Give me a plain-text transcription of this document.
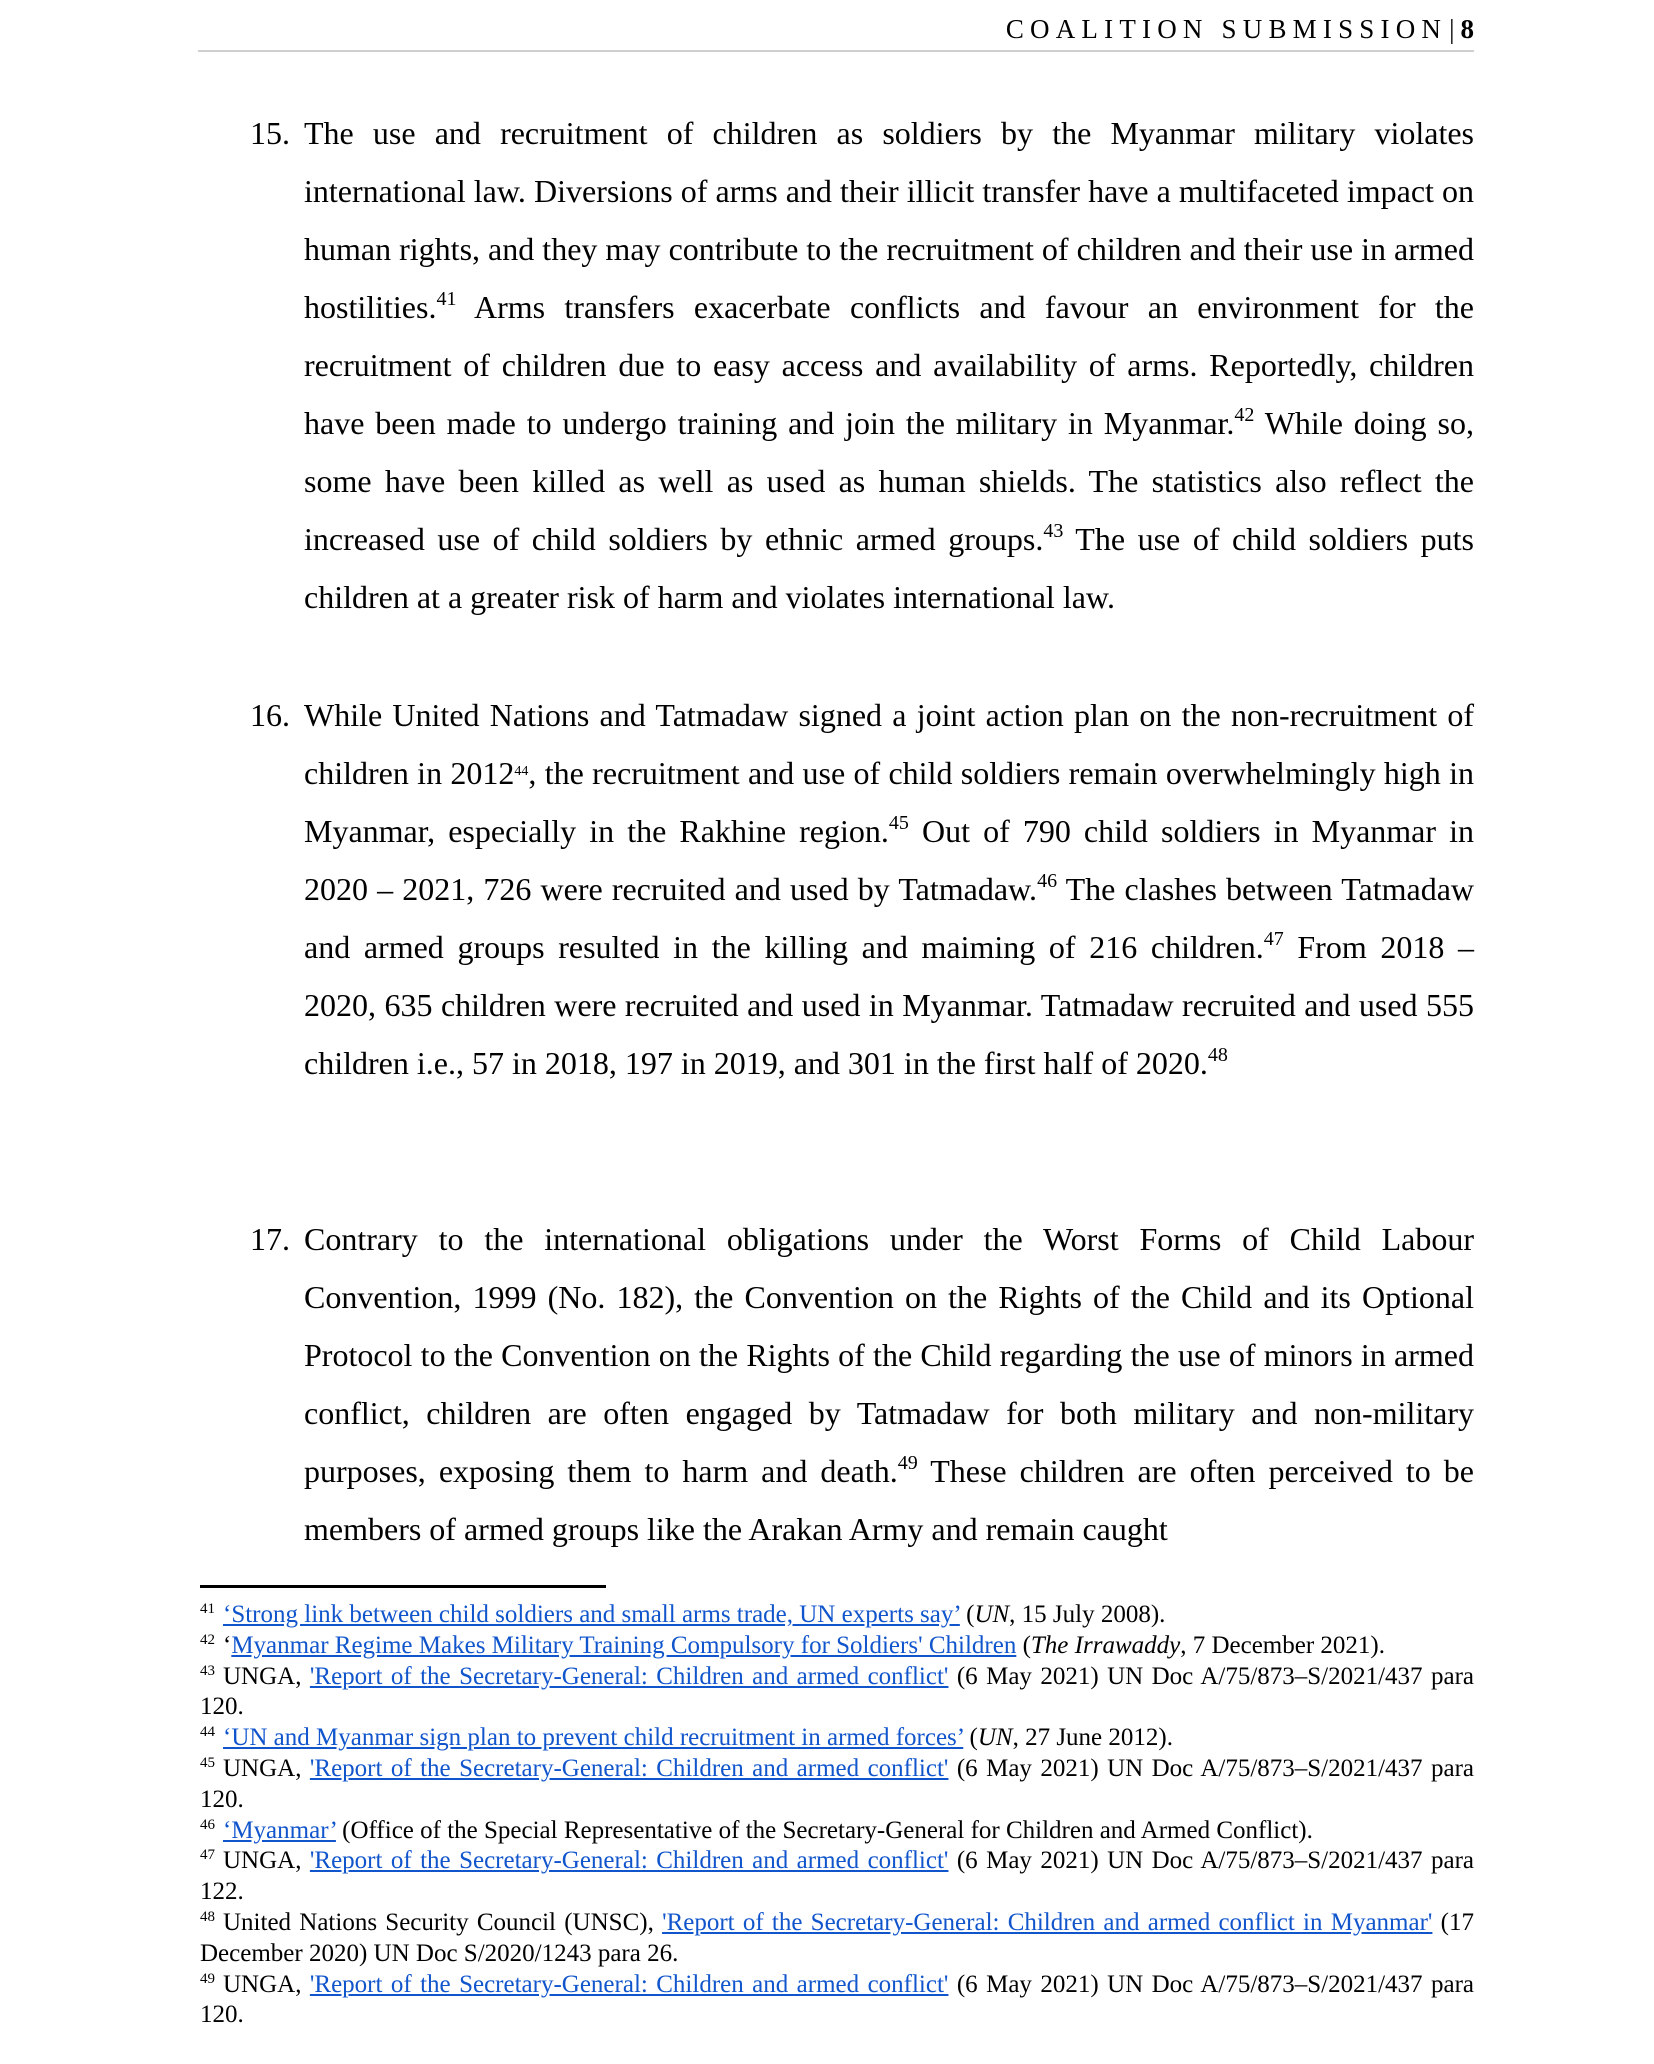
COALITION SUBMISSION| 8
15. The use and recruitment of children as soldiers by the Myanmar military violates international law. Diversions of arms and their illicit transfer have a multifaceted impact on human rights, and they may contribute to the recruitment of children and their use in armed hostilities.$^{41}$ Arms transfers exacerbate conflicts and favour an environment for the recruitment of children due to easy access and availability of arms. Reportedly, children have been made to undergo training and join the military in Myanmar.$^{42}$ While doing so, some have been killed as well as used as human shields. The statistics also reflect the increased use of child soldiers by ethnic armed groups.$^{43}$ The use of child soldiers puts children at a greater risk of harm and violates international law.
16. While United Nations and Tatmadaw signed a joint action plan on the non-recruitment of children in 2012$^{44}$, the recruitment and use of child soldiers remain overwhelmingly high in Myanmar, especially in the Rakhine region.$^{45}$ Out of 790 child soldiers in Myanmar in 2020 – 2021, 726 were recruited and used by Tatmadaw.$^{46}$ The clashes between Tatmadaw and armed groups resulted in the killing and maiming of 216 children.$^{47}$ From 2018 – 2020, 635 children were recruited and used in Myanmar. Tatmadaw recruited and used 555 children i.e., 57 in 2018, 197 in 2019, and 301 in the first half of 2020.48
17. Contrary to the international obligations under the Worst Forms of Child Labour Convention, 1999 (No. 182), the Convention on the Rights of the Child and its Optional Protocol to the Convention on the Rights of the Child regarding the use of minors in armed conflict, children are often engaged by Tatmadaw for both military and non-military purposes, exposing them to harm and death.$^{49}$ These children are often perceived to be members of armed groups like the Arakan Army and remain caught
$^{41}$ ‘Strong link between child soldiers and small arms trade, UN experts say’ (UN, 15 July 2008).
$^{42}$ ‘Myanmar Regime Makes Military Training Compulsory for Soldiers' Children (The Irrawaddy, 7 December 2021).
$^{43}$ UNGA, 'Report of the Secretary-General: Children and armed conflict' (6 May 2021) UN Doc A/75/873–S/2021/437 para 120.
$^{44}$ ‘UN and Myanmar sign plan to prevent child recruitment in armed forces’ (UN, 27 June 2012).
$^{45}$ UNGA, 'Report of the Secretary-General: Children and armed conflict' (6 May 2021) UN Doc A/75/873–S/2021/437 para 120.
$^{46}$ ‘Myanmar’ (Office of the Special Representative of the Secretary-General for Children and Armed Conflict).
$^{47}$ UNGA, 'Report of the Secretary-General: Children and armed conflict' (6 May 2021) UN Doc A/75/873–S/2021/437 para 122.
$^{48}$ United Nations Security Council (UNSC), 'Report of the Secretary-General: Children and armed conflict in Myanmar' (17 December 2020) UN Doc S/2020/1243 para 26.
$^{49}$ UNGA, 'Report of the Secretary-General: Children and armed conflict' (6 May 2021) UN Doc A/75/873–S/2021/437 para 120.
